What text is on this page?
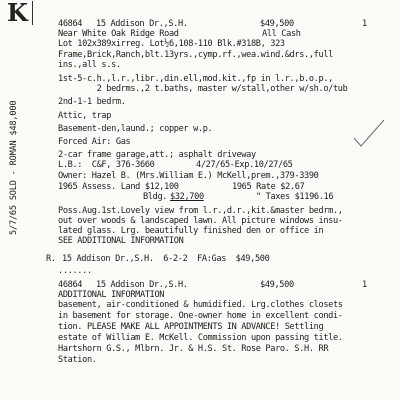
K
5/7/65 SOLD - ROMAN $48,000
46864 15 Addison Dr.,S.H.	$49,500	1
Near White Oak Ridge Road	All Cash
Lot 102x389xirreg. Lot½6,108-110 Blk.#318B, 323
Frame,Brick,Ranch,blt.13yrs.,cymp.rf.,wea.wind.&drs.,full
ins.,all s.s.
1st-5-c.h.,l.r.,libr.,din.ell,mod.kit.,fp in l.r.,b.o.p.,
2 bedrms.,2 t.baths, master w/stall,other w/sh.o/tub
2nd-1-1 bedrm.
Attic, trap
Basement-den,laund.; copper w.p.
Forced Air: Gas
2-car frame garage,att.; asphalt driveway
L.B.:  C&F, 376-3660	4/27/65-Exp.10/27/65
Owner: Hazel B. (Mrs.William E.) McKell,prem.,379-3390
1965 Assess. Land $12,100	1965 Rate $2.67
Bldg. $32,700	" Taxes $1196.16
Poss.Aug.1st.Lovely view from l.r.,d.r.,kit.&master bedrm.,
out over woods & landscaped lawn. All picture windows insu-
lated glass. Lrg. beautifully finished den or office in
SEE ADDITIONAL INFORMATION
R. 15 Addison Dr.,S.H.  6-2-2  FA:Gas  $49,500
.......
46864 15 Addison Dr.,S.H.	$49,500	1
ADDITIONAL INFORMATION
basement, air-conditioned & humidified. Lrg.clothes closets
in basement for storage. One-owner home in excellent condi-
tion. PLEASE MAKE ALL APPOINTMENTS IN ADVANCE! Settling
estate of William E. McKell. Commission upon passing title.
Hartshorn G.S., Mlbrn. Jr. & H.S. St. Rose Paro. S.H. RR
Station.
